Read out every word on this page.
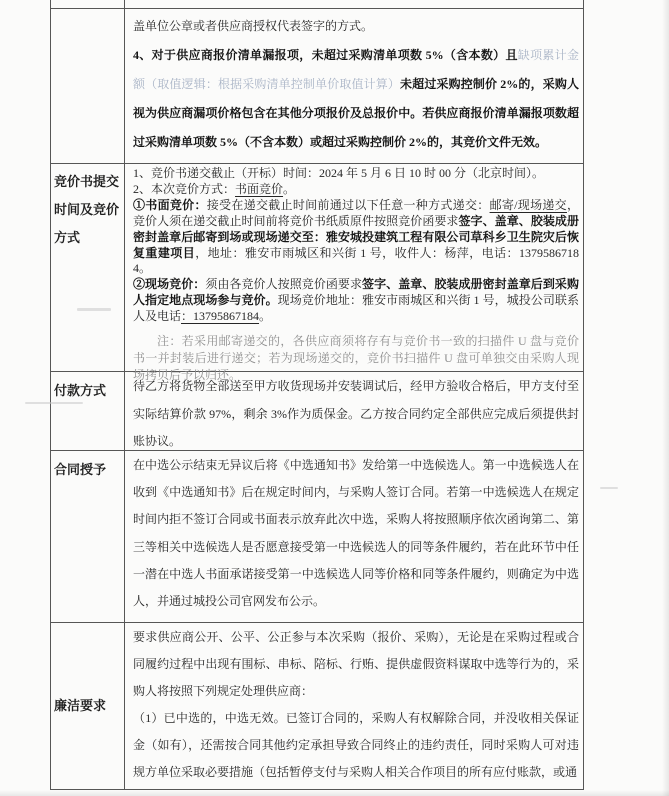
竞价书提交时间及竞价方式
付款方式
合同授予
廉洁要求

盖单位公章或者供应商授权代表签字的方式。

4、对于供应商报价清单漏报项，未超过采购清单项数 5%（含本数）且缺项累计金额（取值逻辑：根据采购清单控制单价取值计算）未超过采购控制价 2%的，采购人视为供应商漏项价格包含在其他分项报价及总报价中。若供应商报价清单漏报项数超过采购清单项数 5%（不含本数）或超过采购控制价 2%的，其竞价文件无效。

1、竞价书递交截止（开标）时间：2024 年 5 月 6 日 10 时 00 分（北京时间）。

2、本次竞价方式：书面竞价。

①书面竞价：接受在递交截止时间前通过以下任意一种方式递交：邮寄/现场递交，竞价人须在递交截止时间前将竞价书纸质原件按照竞价函要求签字、盖章、胶装成册密封盖章后邮寄到场或现场递交至：雅安城投建筑工程有限公司草科乡卫生院灾后恢复重建项目，地址：雅安市雨城区和兴街 1 号，收件人：杨萍，电话：13795867184。

②现场竞价：须由各竞价人按照竞价函要求签字、盖章、胶装成册密封盖章后到采购人指定地点现场参与竞价。现场竞价地址：雅安市雨城区和兴街 1 号，城投公司联系人及电话：13795867184。

注：若采用邮寄递交的，各供应商须将存有与竞价书一致的扫描件 U 盘与竞价书一并封装后进行递交；若为现场递交的，竞价书扫描件 U 盘可单独交由采购人现场拷贝后予以归还。

待乙方将货物全部送至甲方收货现场并安装调试后，经甲方验收合格后，甲方支付至实际结算价款 97%，剩余 3%作为质保金。乙方按合同约定全部供应完成后须提供封账协议。

在中选公示结束无异议后将《中选通知书》发给第一中选候选人。第一中选候选人在收到《中选通知书》后在规定时间内，与采购人签订合同。若第一中选候选人在规定时间内拒不签订合同或书面表示放弃此次中选，采购人将按照顺序依次函询第二、第三等相关中选候选人是否愿意接受第一中选候选人的同等条件履约，若在此环节中任一潜在中选人书面承诺接受第一中选候选人同等价格和同等条件履约，则确定为中选人，并通过城投公司官网发布公示。

要求供应商公开、公平、公正参与本次采购（报价、采购），无论是在采购过程或合同履约过程中出现有围标、串标、陪标、行贿、提供虚假资料谋取中选等行为的，采购人将按照下列规定处理供应商：

（1）已中选的，中选无效。已签订合同的，采购人有权解除合同，并没收相关保证金（如有），还需按合同其他约定承担导致合同终止的违约责任，同时采购人可对违规方单位采取必要措施（包括暂停支付与采购人相关合作项目的所有应付账款，或通
